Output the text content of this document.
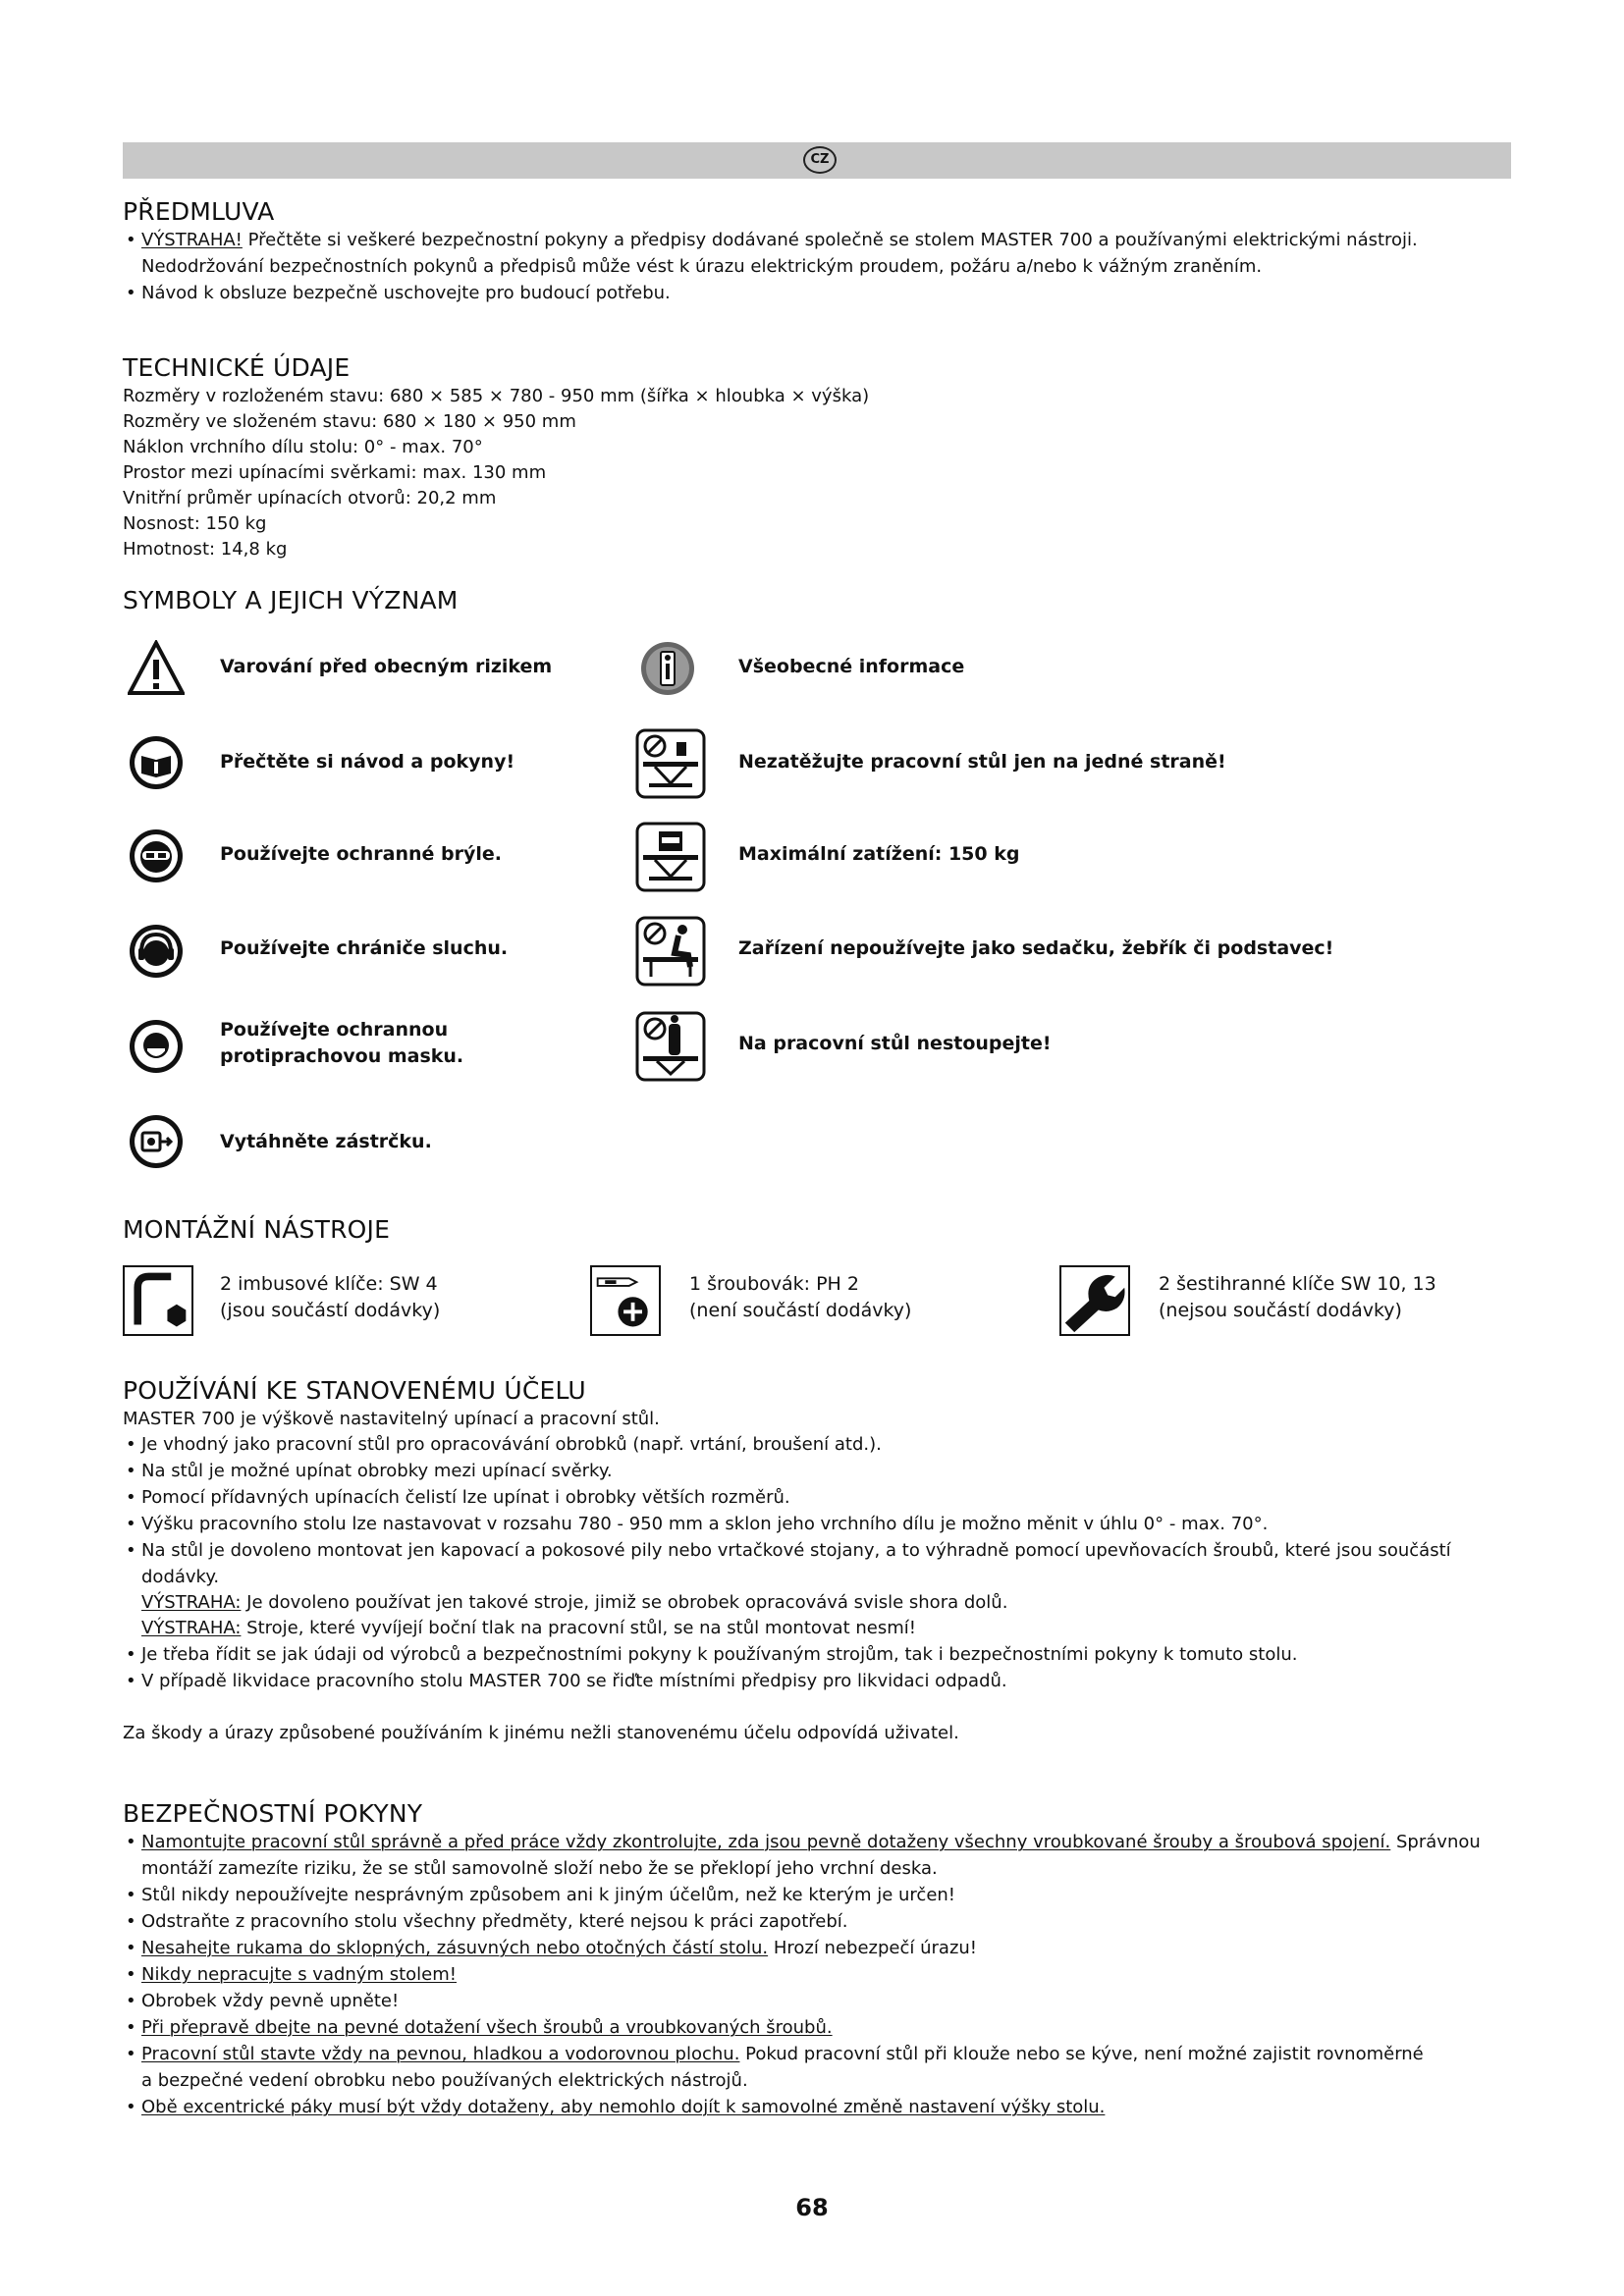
CZ
PŘEDMLUVA
• VÝSTRAHA! Přečtěte si veškeré bezpečnostní pokyny a předpisy dodávané společně se stolem MASTER 700 a používanými elektrickými nástroji.
Nedodržování bezpečnostních pokynů a předpisů může vést k úrazu elektrickým proudem, požáru a/nebo k vážným zraněním.
• Návod k obsluze bezpečně uschovejte pro budoucí potřebu.
TECHNICKÉ ÚDAJE
Rozměry v rozloženém stavu: 680 × 585 × 780 - 950 mm (šířka × hloubka × výška)
Rozměry ve složeném stavu: 680 × 180 × 950 mm
Náklon vrchního dílu stolu: 0° - max. 70°
Prostor mezi upínacími svěrkami: max. 130 mm
Vnitřní průměr upínacích otvorů: 20,2 mm
Nosnost: 150 kg
Hmotnost: 14,8 kg
SYMBOLY A JEJICH VÝZNAM
Varování před obecným rizikem
Přečtěte si návod a pokyny!
Používejte ochranné brýle.
Používejte chrániče sluchu.
Používejte ochrannou
protiprachovou masku.
Vytáhněte zástrčku.
Všeobecné informace
Nezatěžujte pracovní stůl jen na jedné straně!
Maximální zatížení: 150 kg
Zařízení nepoužívejte jako sedačku, žebřík či podstavec!
Na pracovní stůl nestoupejte!
MONTÁŽNÍ NÁSTROJE
2 imbusové klíče: SW 4
(jsou součástí dodávky)
1 šroubovák: PH 2
(není součástí dodávky)
2 šestihranné klíče SW 10, 13
(nejsou součástí dodávky)
POUŽÍVÁNÍ KE STANOVENÉMU ÚČELU
MASTER 700 je výškově nastavitelný upínací a pracovní stůl.
• Je vhodný jako pracovní stůl pro opracovávání obrobků (např. vrtání, broušení atd.).
• Na stůl je možné upínat obrobky mezi upínací svěrky.
• Pomocí přídavných upínacích čelistí lze upínat i obrobky větších rozměrů.
• Výšku pracovního stolu lze nastavovat v rozsahu 780 - 950 mm a sklon jeho vrchního dílu je možno měnit v úhlu 0° - max. 70°.
• Na stůl je dovoleno montovat jen kapovací a pokosové pily nebo vrtačkové stojany, a to výhradně pomocí upevňovacích šroubů, které jsou součástí
dodávky.
VÝSTRAHA: Je dovoleno používat jen takové stroje, jimiž se obrobek opracovává svisle shora dolů.
VÝSTRAHA: Stroje, které vyvíjejí boční tlak na pracovní stůl, se na stůl montovat nesmí!
• Je třeba řídit se jak údaji od výrobců a bezpečnostními pokyny k používaným strojům, tak i bezpečnostními pokyny k tomuto stolu.
• V případě likvidace pracovního stolu MASTER 700 se řiďte místními předpisy pro likvidaci odpadů.
Za škody a úrazy způsobené používáním k jinému nežli stanovenému účelu odpovídá uživatel.
BEZPEČNOSTNÍ POKYNY
• Namontujte pracovní stůl správně a před práce vždy zkontrolujte, zda jsou pevně dotaženy všechny vroubkované šrouby a šroubová spojení. Správnou
montáží zamezíte riziku, že se stůl samovolně složí nebo že se překlopí jeho vrchní deska.
• Stůl nikdy nepoužívejte nesprávným způsobem ani k jiným účelům, než ke kterým je určen!
• Odstraňte z pracovního stolu všechny předměty, které nejsou k práci zapotřebí.
• Nesahejte rukama do sklopných, zásuvných nebo otočných částí stolu. Hrozí nebezpečí úrazu!
• Nikdy nepracujte s vadným stolem!
• Obrobek vždy pevně upněte!
• Při přepravě dbejte na pevné dotažení všech šroubů a vroubkovaných šroubů.
• Pracovní stůl stavte vždy na pevnou, hladkou a vodorovnou plochu. Pokud pracovní stůl při klouže nebo se kýve, není možné zajistit rovnoměrné
a bezpečné vedení obrobku nebo používaných elektrických nástrojů.
• Obě excentrické páky musí být vždy dotaženy, aby nemohlo dojít k samovolné změně nastavení výšky stolu.
68
